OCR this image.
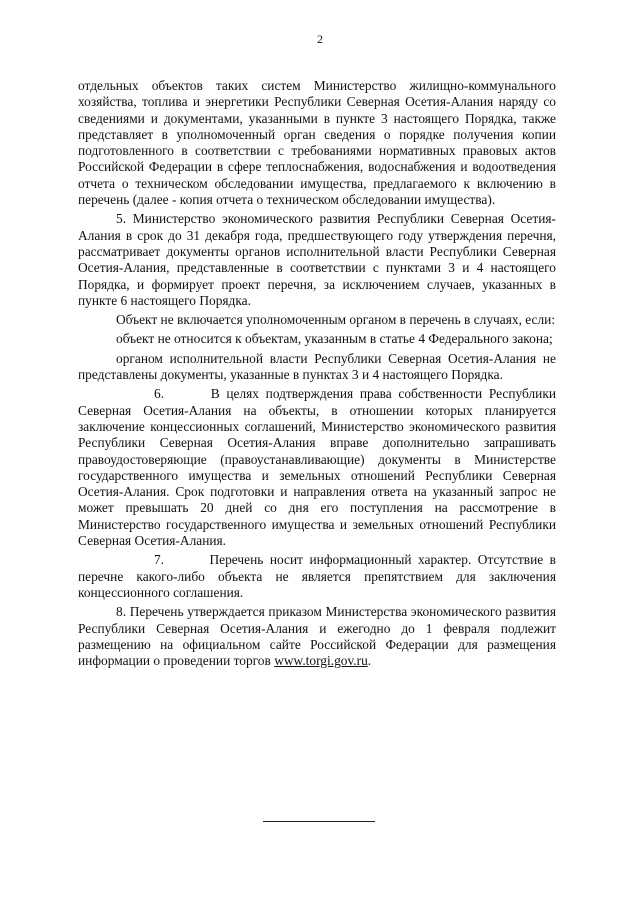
2

отдельных объектов таких систем Министерство жилищно-коммунального хозяйства, топлива и энергетики Республики Северная Осетия-Алания наряду со сведениями и документами, указанными в пункте 3 настоящего Порядка, также представляет в уполномоченный орган сведения о порядке получения копии подготовленного в соответствии с требованиями нормативных правовых актов Российской Федерации в сфере теплоснабжения, водоснабжения и водоотведения отчета о техническом обследовании имущества, предлагаемого к включению в перечень (далее - копия отчета о техническом обследовании имущества).

5. Министерство экономического развития Республики Северная Осетия-Алания в срок до 31 декабря года, предшествующего году утверждения перечня, рассматривает документы органов исполнительной власти Республики Северная Осетия-Алания, представленные в соответствии с пунктами 3 и 4 настоящего Порядка, и формирует проект перечня, за исключением случаев, указанных в пункте 6 настоящего Порядка.

Объект не включается уполномоченным органом в перечень в случаях, если:

объект не относится к объектам, указанным в статье 4 Федерального закона;

органом исполнительной власти Республики Северная Осетия-Алания не представлены документы, указанные в пунктах 3 и 4 настоящего Порядка.

6.	В целях подтверждения права собственности Республики Северная Осетия-Алания на объекты, в отношении которых планируется заключение концессионных соглашений, Министерство экономического развития Республики Северная Осетия-Алания вправе дополнительно запрашивать правоудостоверяющие (правоустанавливающие) документы в Министерстве государственного имущества и земельных отношений Республики Северная Осетия-Алания. Срок подготовки и направления ответа на указанный запрос не может превышать 20 дней со дня его поступления на рассмотрение в Министерство государственного имущества и земельных отношений Республики Северная Осетия-Алания.

7.	Перечень носит информационный характер. Отсутствие в перечне какого-либо объекта не является препятствием для заключения концессионного соглашения.

8. Перечень утверждается приказом Министерства экономического развития Республики Северная Осетия-Алания и ежегодно до 1 февраля подлежит размещению на официальном сайте Российской Федерации для размещения информации о проведении торгов www.torgi.gov.ru.
